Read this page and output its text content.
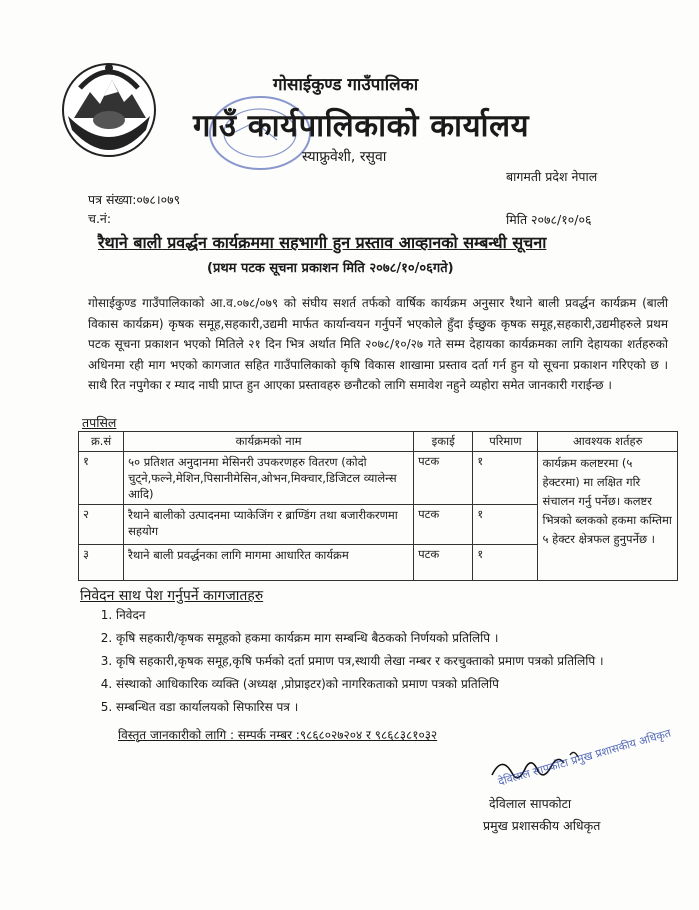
गोसाईकुण्ड गाउँपालिका
गाउँ कार्यपालिकाको कार्यालय
स्याफ्रुवेशी, रसुवा
बागमती प्रदेश नेपाल
पत्र संख्या:०७८।०७९
च.नं:	मिति २०७८/१०/०६
रैथाने बाली प्रवर्द्धन कार्यक्रममा सहभागी हुन प्रस्ताव आव्हानको सम्बन्धी सूचना
(प्रथम पटक सूचना प्रकाशन मिति २०७८/१०/०६गते)
गोसाईकुण्ड गाउँपालिकाको आ.व.०७८/०७९ को संघीय सशर्त तर्फको वार्षिक कार्यक्रम अनुसार रैथाने बाली प्रवर्द्धन कार्यक्रम (बाली विकास कार्यक्रम) कृषक समूह,सहकारी,उद्यमी मार्फत कार्यान्वयन गर्नुपर्ने भएकोले हुँदा ईच्छुक कृषक समूह,सहकारी,उद्यमीहरुले प्रथम पटक सूचना प्रकाशन भएको मितिले २१ दिन भित्र अर्थात मिति २०७८/१०/२७ गते सम्म देहायका कार्यक्रमका लागि देहायका शर्तहरुको अधिनमा रही माग भएको कागजात सहित गाउँपालिकाको कृषि विकास शाखामा प्रस्ताव दर्ता गर्न हुन यो सूचना प्रकाशन गरिएको छ । साथै रित नपुगेका र म्याद नाघी प्राप्त हुन आएका प्रस्तावहरु छनौटको लागि समावेश नहुने व्यहोरा समेत जानकारी गराईन्छ ।
तपसिल
क्र.सं	कार्यक्रमको नाम	इकाई	परिमाण	आवश्यक शर्तहरु
१	५० प्रतिशत अनुदानमा मेसिनरी उपकरणहरु वितरण (कोदो चुट्ने,फल्ने,मेशिन,पिसानीमेसिन,ओभन,मिक्चार,डिजिटल व्यालेन्स आदि)	पटक	१	कार्यक्रम कलष्टरमा (५ हेक्टरमा) मा लक्षित गरि संचालन गर्नु पर्नेछ। कलष्टर भित्रको ब्लकको हकमा कम्तिमा ५ हेक्टर क्षेत्रफल हुनुपर्नेछ ।
२	रैथाने बालीको उत्पादनमा प्याकेजिंग र ब्राण्डिंग तथा बजारीकरणमा सहयोग	पटक	१	
३	रैथाने बाली प्रवर्द्धनका लागि मागमा आधारित कार्यक्रम	पटक	१	
निवेदन साथ पेश गर्नुपर्ने कागजातहरु
1. निवेदन
2. कृषि सहकारी/कृषक समूहको हकमा कार्यक्रम माग सम्बन्धि बैठकको निर्णयको प्रतिलिपि ।
3. कृषि सहकारी,कृषक समूह,कृषि फर्मको दर्ता प्रमाण पत्र,स्थायी लेखा नम्बर र करचुक्ताको प्रमाण पत्रको प्रतिलिपि ।
4. संस्थाको आधिकारिक व्यक्ति (अध्यक्ष ,प्रोप्राइटर)को नागरिकताको प्रमाण पत्रको प्रतिलिपि
5. सम्बन्धित वडा कार्यालयको सिफारिस पत्र ।
विस्तृत जानकारीको लागि : सम्पर्क नम्बर :९८६८०२७२०४ र ९८६८३८१०३२	देविलाल सापकोटा प्रमुख प्रशासकीय अधिकृत
देविलाल सापकोटा
प्रमुख प्रशासकीय अधिकृत
